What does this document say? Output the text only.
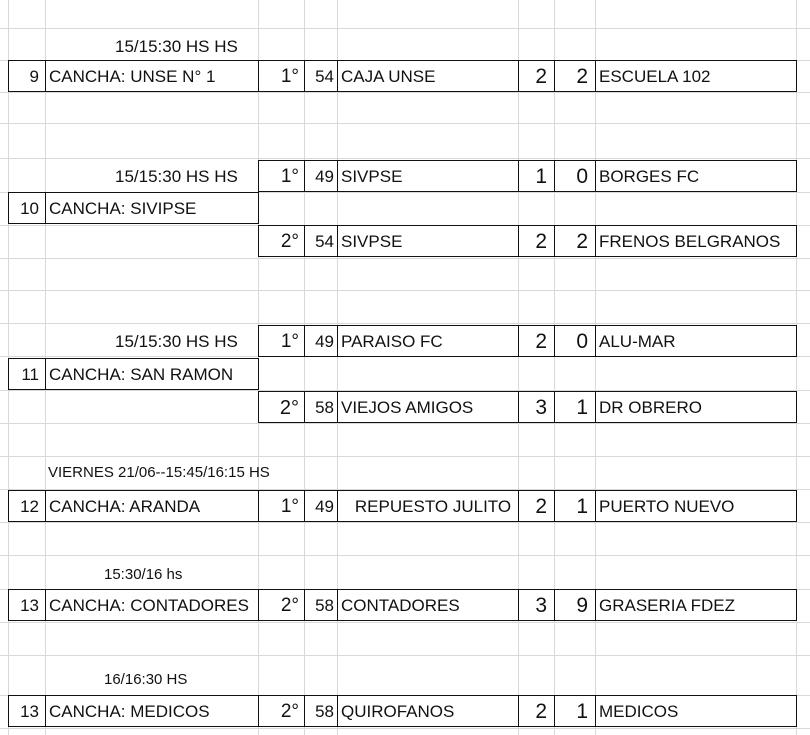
15/15:30 HS HS
9 CANCHA: UNSE N° 1	1° 54 CAJA UNSE	2	2 ESCUELA 102
15/15:30 HS HS	1° 49 SIVPSE	1	0 BORGES FC
10 CANCHA: SIVIPSE
2° 54 SIVPSE	2	2 FRENOS BELGRANOS
15/15:30 HS HS	1° 49 PARAISO FC	2	0 ALU-MAR
11 CANCHA: SAN RAMON
2° 58 VIEJOS AMIGOS	3	1 DR OBRERO
VIERNES 21/06--15:45/16:15 HS
12 CANCHA: ARANDA	1° 49	REPUESTO JULITO	2	1 PUERTO NUEVO
15:30/16 hs
13 CANCHA: CONTADORES	2° 58 CONTADORES	3	9 GRASERIA FDEZ
16/16:30 HS
13 CANCHA: MEDICOS	2° 58 QUIROFANOS	2	1 MEDICOS
